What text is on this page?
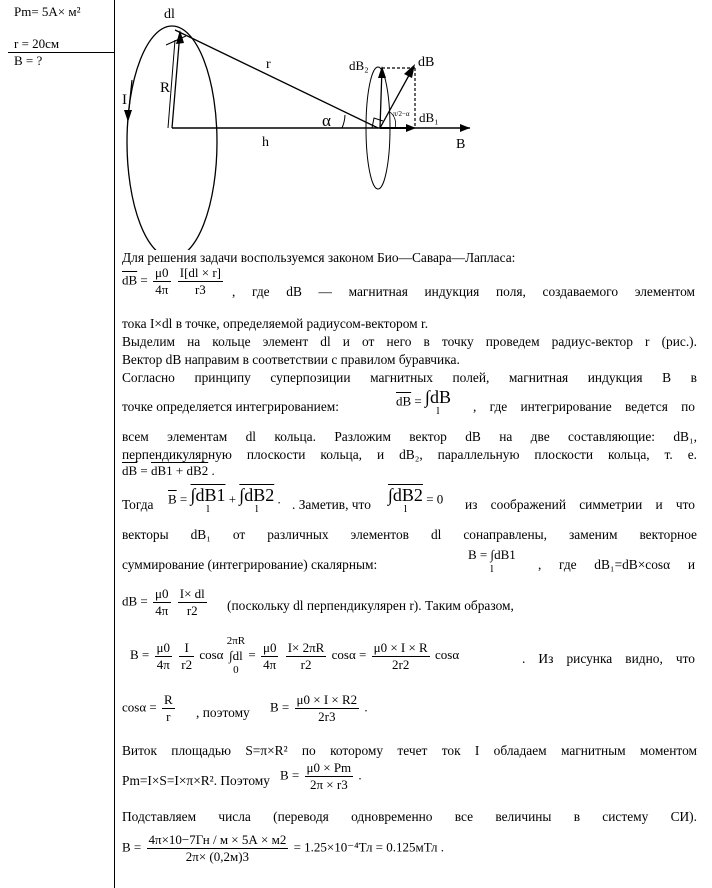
Pm= 5A× м²
r = 20см
B = ?
dl
I
R
r
h
α
dB
dB₂
dB₁
B
π/2−α
Для решения задачи воспользуемся законом Био—Савара—Лапласа:
$\overline{dB} = \frac{\mu 0}{4\pi}$
$\frac{I[dl \times r]}{r3}$ , где dB — магнитная индукция поля, создаваемого элементом
тока I×dl в точке, определяемой радиусом-вектором r.
Выделим на кольце элемент dl и от него в точку проведем радиус-вектор r (рис.).
Вектор dB направим в соответствии с правилом буравчика.
Согласно принципу суперпозиции магнитных полей, магнитная индукция B в
точке определяется интегрированием:	$\overline{dB} = \int dB$
l	, где интегрирование ведется по
всем элементам dl кольца. Разложим вектор dB на две составляющие: dB₁,
перпендикулярную плоскости кольца, и dB₂, параллельную плоскости кольца, т. е.
$\overline{dB} = dB1 + dB2$ .
Тогда $\overline{B} = \int dB1$
l
+ ∫dB2
l
. . Заметив, что ∫dB2
l
= 0 из соображений симметрии и что
векторы dB₁ от различных элементов dl сонаправлены, заменим векторное
суммирование (интегрирование) скалярным:
B = ∫dB1
l	, где dB₁=dB×cosα и
dB = $\frac{\mu 0}{4\pi}$
$\frac{I\times dl}{r2}$ (поскольку dl перпендикулярен r). Таким образом,
$B = \frac{\mu 0}{4\pi}$
$\frac{I}{r2}$ cosα
2πR
∫dl
0
= $\frac{\mu 0}{4\pi}$
$\frac{I\times 2\pi R}{r2}$ $\cos\alpha = \frac{\mu 0 \times I \times R}{2r2}$ cosα	. Из рисунка видно, что
$\cos\alpha = \frac{R}{r}$ , поэтому $B = \frac{\mu 0 \times I \times R2}{2r3}$ .
Виток площадью S=π×R² по которому течет ток I обладаем магнитным моментом
Pm=I×S=I×π×R². Поэтому $B = \frac{\mu 0 \times Pm}{2\pi \times r3}$ .
Подставляем числа (переводя одновременно все величины в систему СИ).
$B = \frac{4\pi\times 10-7Гн / м \times 5А \times м2}{2\pi\times (0,2м)3} = 1.25\times 10^{-4}Тл = 0.125мТл$ .
